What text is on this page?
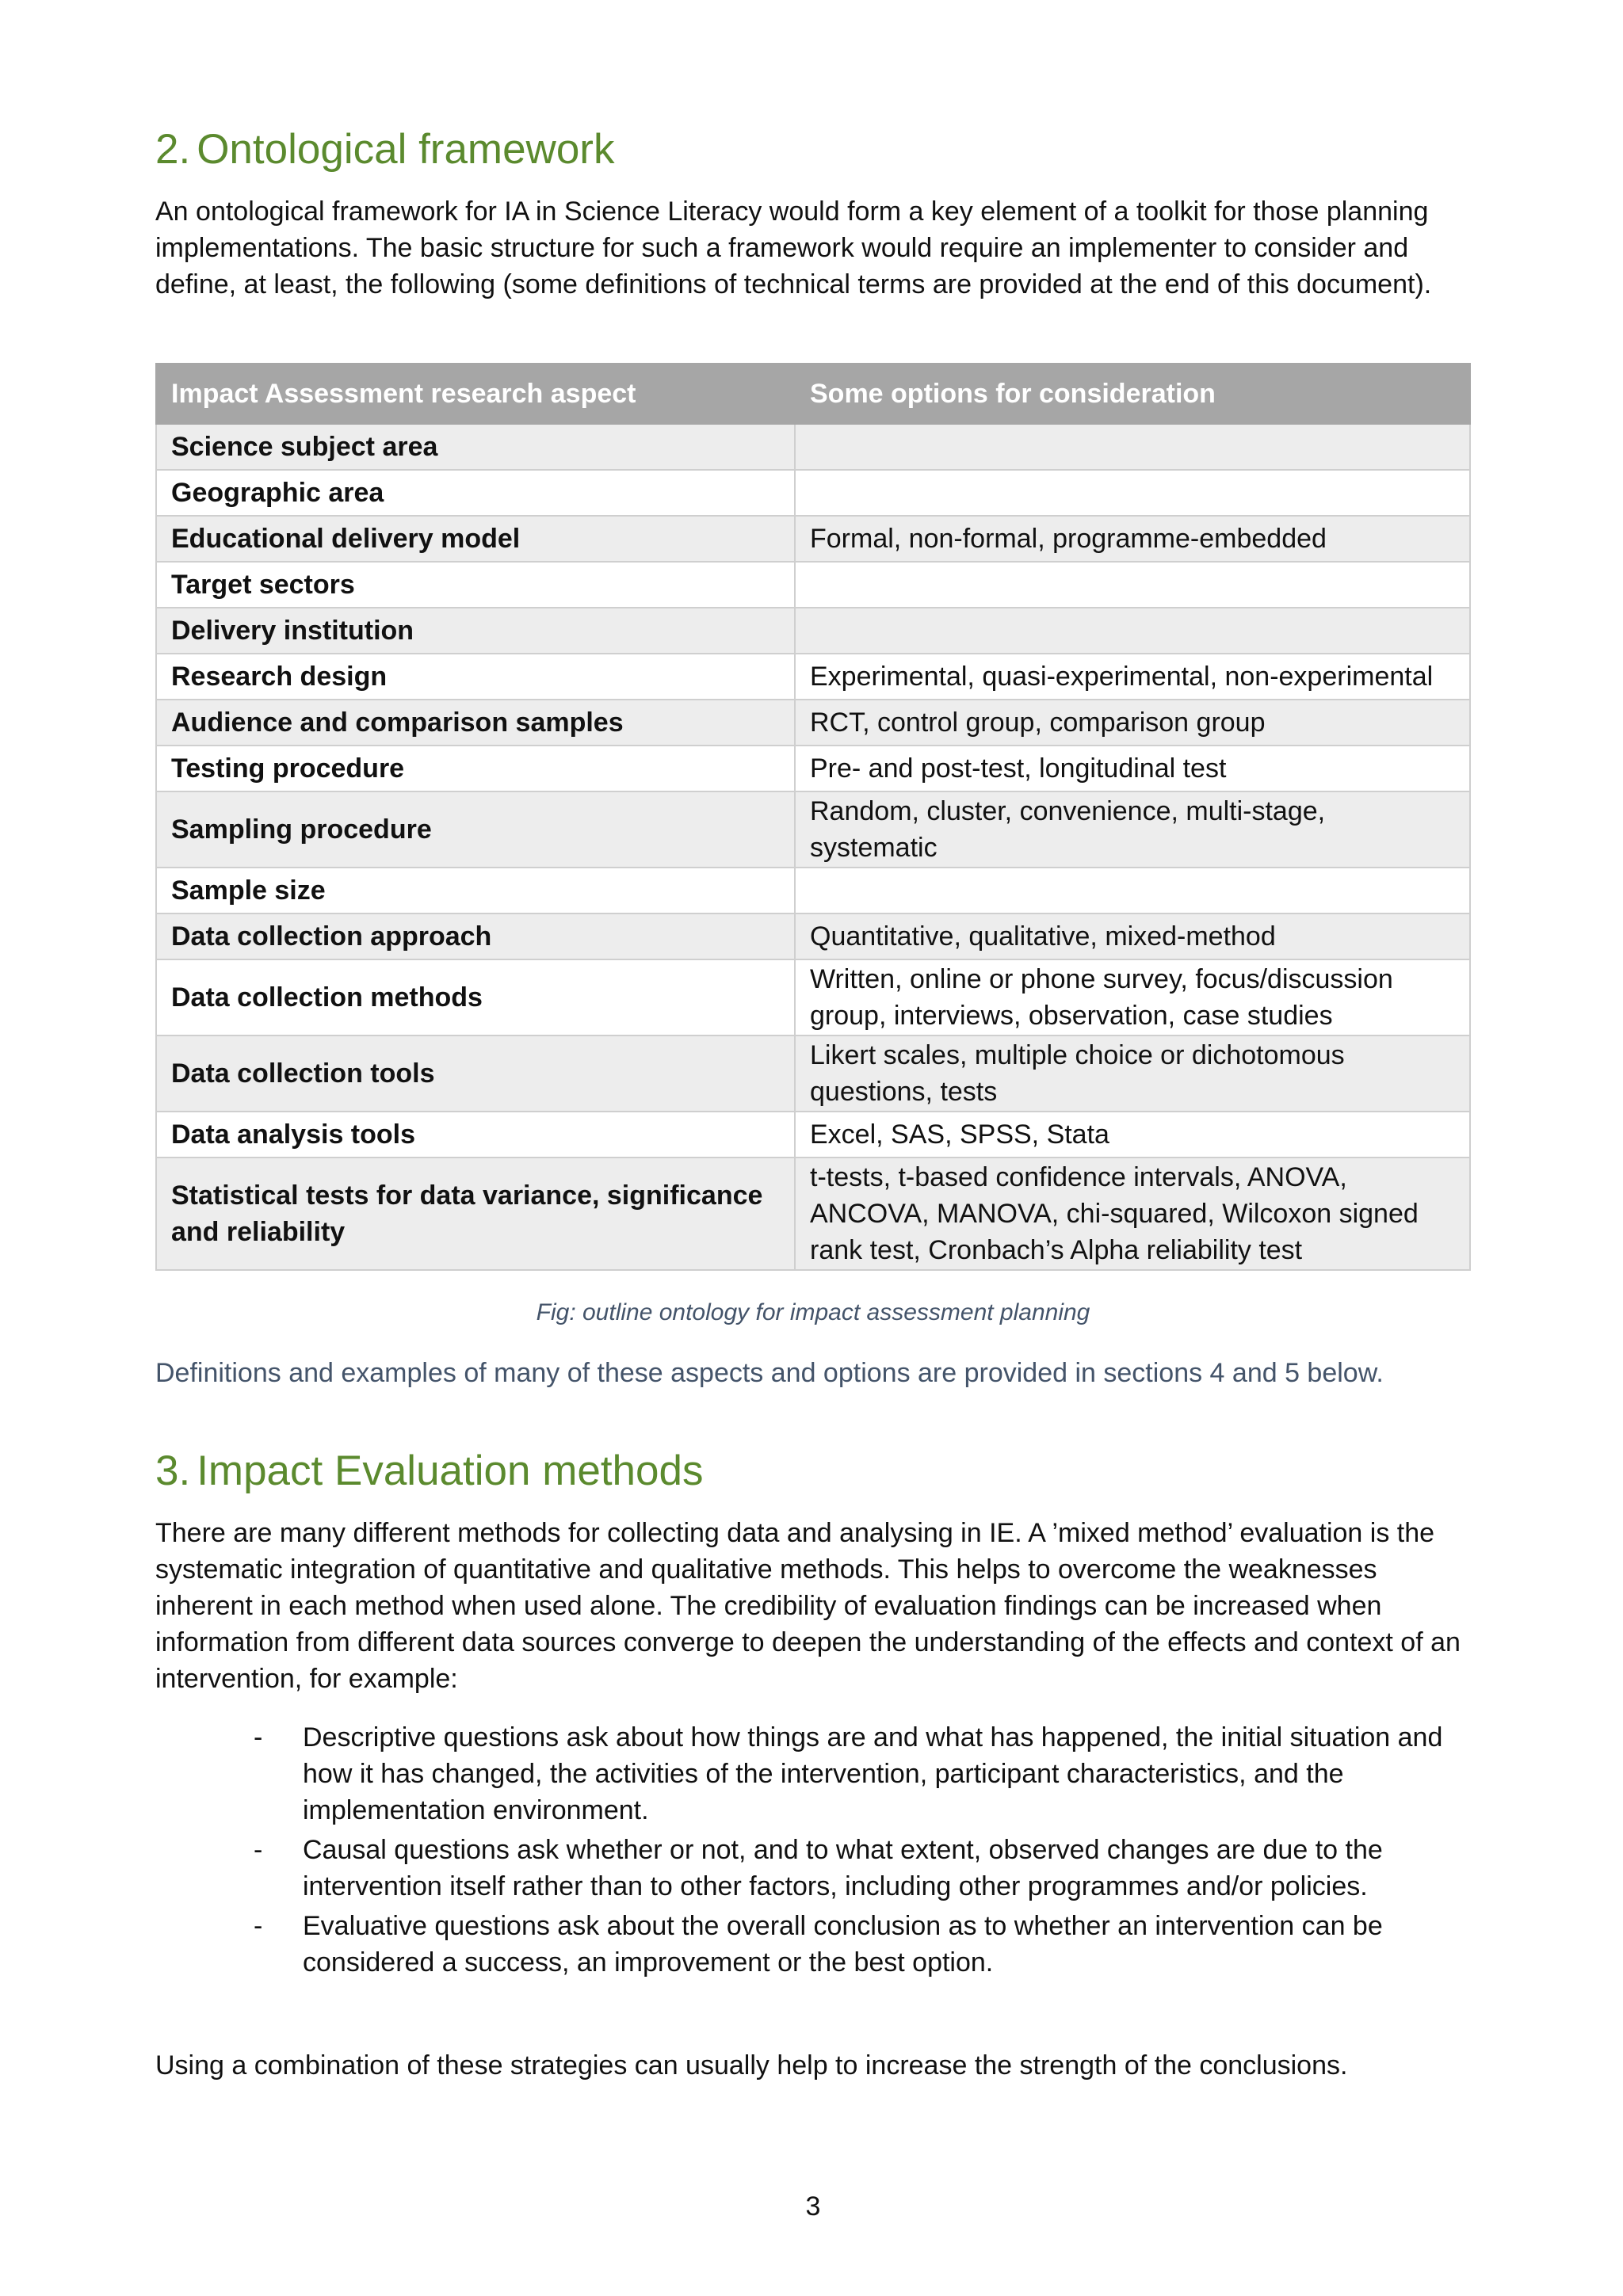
2. Ontological framework

An ontological framework for IA in Science Literacy would form a key element of a toolkit for those planning implementations. The basic structure for such a framework would require an implementer to consider and define, at least, the following (some definitions of technical terms are provided at the end of this document).

Impact Assessment research aspect	Some options for consideration
Science subject area	
Geographic area	
Educational delivery model	Formal, non-formal, programme-embedded
Target sectors	
Delivery institution	
Research design	Experimental, quasi-experimental, non-experimental
Audience and comparison samples	RCT, control group, comparison group
Testing procedure	Pre- and post-test, longitudinal test
Sampling procedure	Random, cluster, convenience, multi-stage, systematic
Sample size	
Data collection approach	Quantitative, qualitative, mixed-method
Data collection methods	Written, online or phone survey, focus/discussion group, interviews, observation, case studies
Data collection tools	Likert scales, multiple choice or dichotomous questions, tests
Data analysis tools	Excel, SAS, SPSS, Stata
Statistical tests for data variance, significance and reliability	t-tests, t-based confidence intervals, ANOVA, ANCOVA, MANOVA, chi-squared, Wilcoxon signed rank test, Cronbach’s Alpha reliability test
Fig: outline ontology for impact assessment planning
Definitions and examples of many of these aspects and options are provided in sections 4 and 5 below.
3. Impact Evaluation methods

There are many different methods for collecting data and analysing in IE. A ’mixed method’ evaluation is the systematic integration of quantitative and qualitative methods. This helps to overcome the weaknesses inherent in each method when used alone. The credibility of evaluation findings can be increased when information from different data sources converge to deepen the understanding of the effects and context of an intervention, for example:

- Descriptive questions ask about how things are and what has happened, the initial situation and how it has changed, the activities of the intervention, participant characteristics, and the implementation environment.
- Causal questions ask whether or not, and to what extent, observed changes are due to the intervention itself rather than to other factors, including other programmes and/or policies.
- Evaluative questions ask about the overall conclusion as to whether an intervention can be considered a success, an improvement or the best option.

Using a combination of these strategies can usually help to increase the strength of the conclusions.

3
